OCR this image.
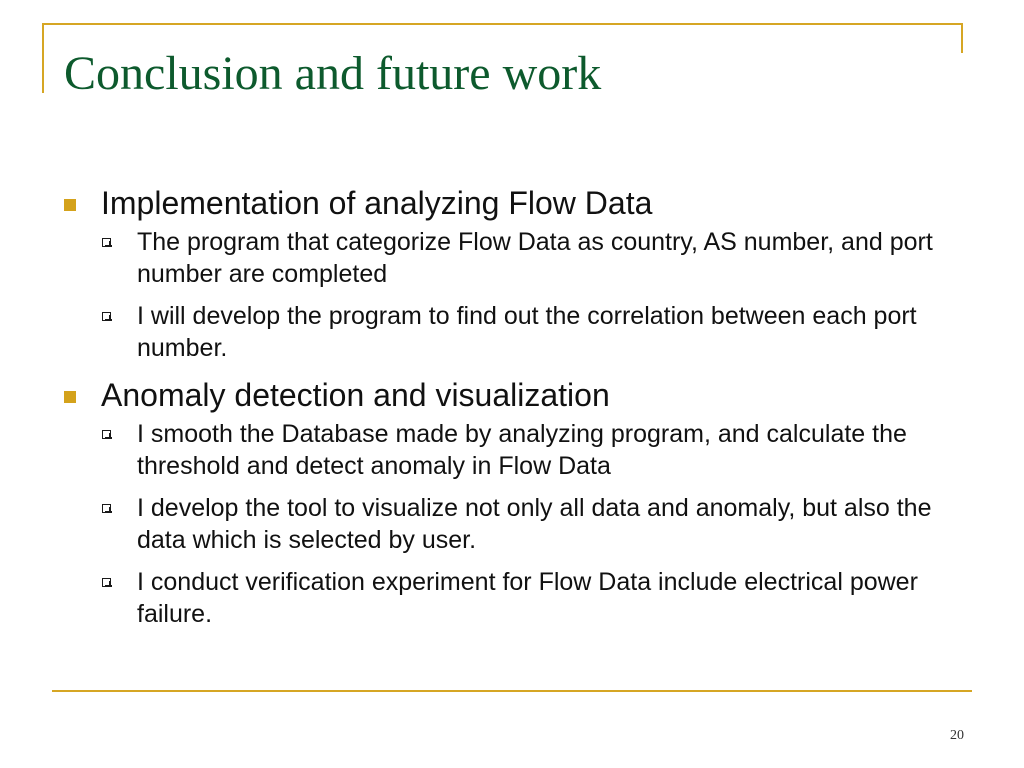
Conclusion and future work
Implementation of analyzing Flow Data
The program that categorize Flow Data as country, AS number, and port number are completed
I will develop the program to find out the correlation between each port number.
Anomaly detection and visualization
I smooth the Database made by analyzing program, and calculate the threshold and detect anomaly in Flow Data
I develop the tool to visualize not only all data and anomaly, but also the data which is selected by user.
I conduct verification experiment for Flow Data include electrical power failure.
20
